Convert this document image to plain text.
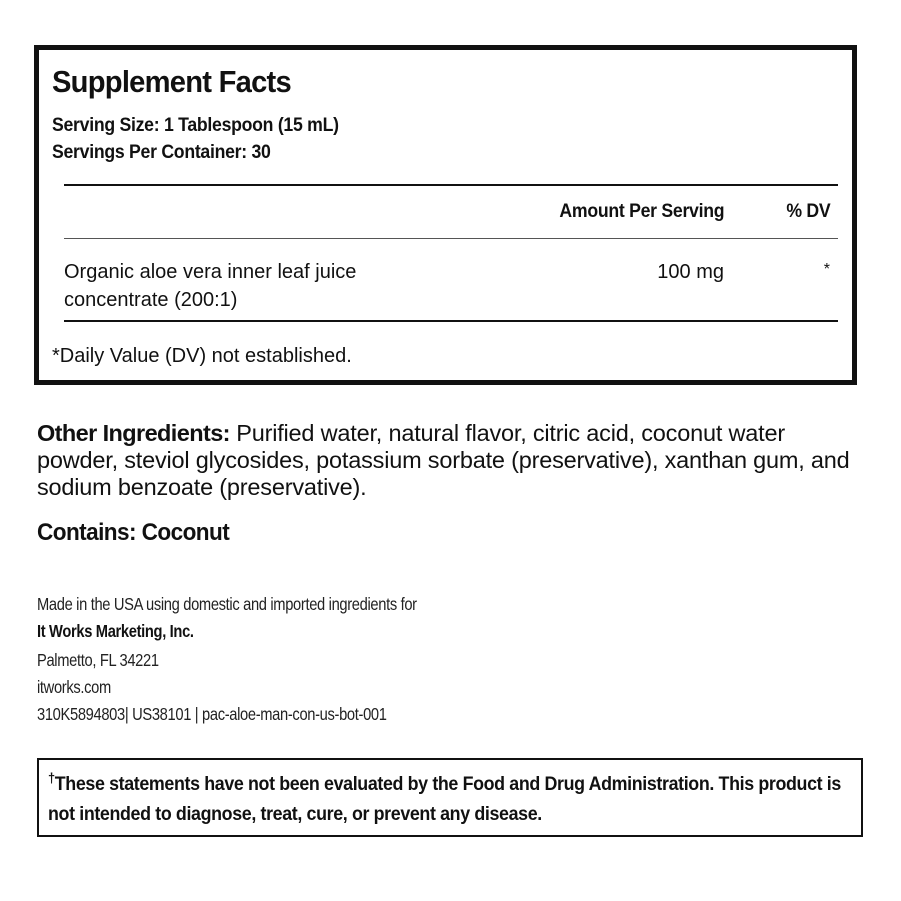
Supplement Facts
Serving Size: 1 Tablespoon (15 mL)
Servings Per Container: 30
Amount Per Serving	% DV
Organic aloe vera inner leaf juice
concentrate (200:1)
100 mg	*
*Daily Value (DV) not established.
Other Ingredients: Purified water, natural flavor, citric acid, coconut water powder, steviol glycosides, potassium sorbate (preservative), xanthan gum, and sodium benzoate (preservative).
Contains: Coconut
Made in the USA using domestic and imported ingredients for
It Works Marketing, Inc.
Palmetto, FL 34221
itworks.com
310K5894803| US38101 | pac-aloe-man-con-us-bot-001
†These statements have not been evaluated by the Food and Drug Administration. This product is not intended to diagnose, treat, cure, or prevent any disease.
